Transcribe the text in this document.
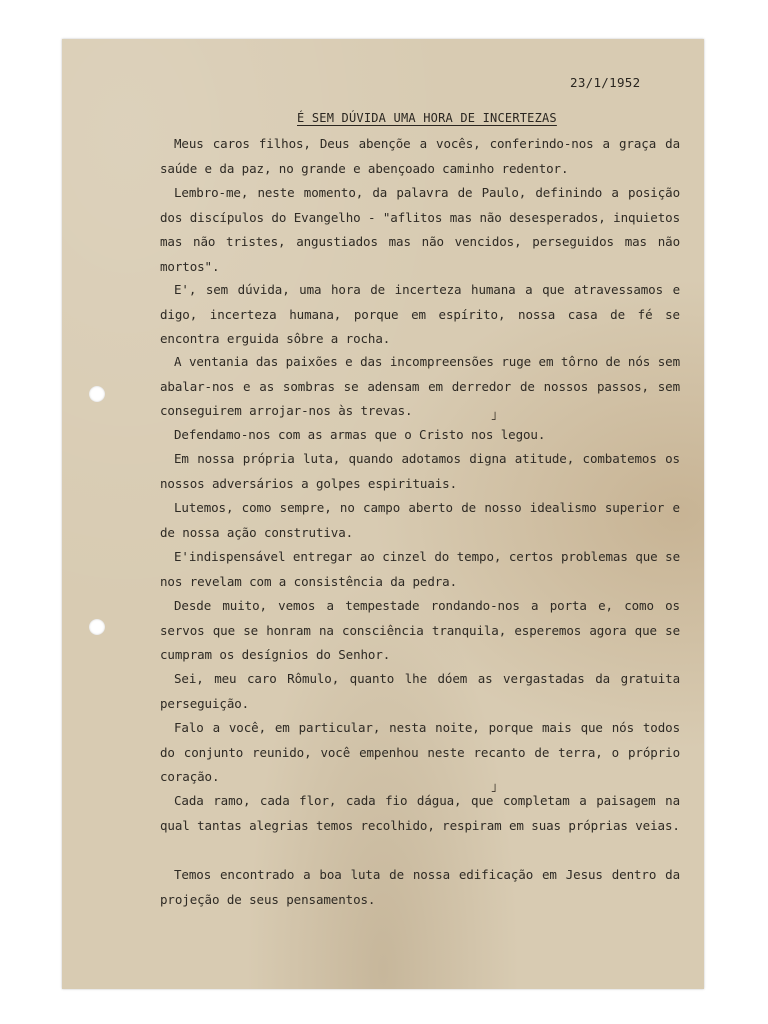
23/1/1952
É SEM DÚVIDA UMA HORA DE INCERTEZAS
Meus caros filhos, Deus abençõe a vocês, conferindo-nos a graça da saúde e da paz, no grande e abençoado caminho redentor.
Lembro-me, neste momento, da palavra de Paulo, definindo a posição dos discípulos do Evangelho - "aflitos mas não desesperados, inquietos mas não tristes, angustiados mas não vencidos, perseguidos mas não mortos".
E', sem dúvida, uma hora de incerteza humana a que atravessamos e digo, incerteza humana, porque em espírito, nossa casa de fé se encontra erguida sôbre a rocha.
A ventania das paixões e das incompreensões ruge em tôrno de nós sem abalar-nos e as sombras se adensam em derredor de nossos passos, sem conseguirem arrojar-nos às trevas.
Defendamo-nos com as armas que o Cristo nos legou.
Em nossa própria luta, quando adotamos digna atitude, combatemos os nossos adversários a golpes espirituais.
Lutemos, como sempre, no campo aberto de nosso idealismo superior e de nossa ação construtiva.
E'indispensável entregar ao cinzel do tempo, certos problemas que se nos revelam com a consistência da pedra.
Desde muito, vemos a tempestade rondando-nos a porta e, como os servos que se honram na consciência tranquila, esperemos agora que se cumpram os desígnios do Senhor.
Sei, meu caro Rômulo, quanto lhe dóem as vergastadas da gratuita perseguição.
Falo a você, em particular, nesta noite, porque mais que nós todos do conjunto reunido, você empenhou neste recanto de terra, o próprio coração.
Cada ramo, cada flor, cada fio dágua, que completam a paisagem na qual tantas alegrias temos recolhido, respiram em suas próprias veias.
Temos encontrado a boa luta de nossa edificação em Jesus dentro da projeção de seus pensamentos.
˩
˩
